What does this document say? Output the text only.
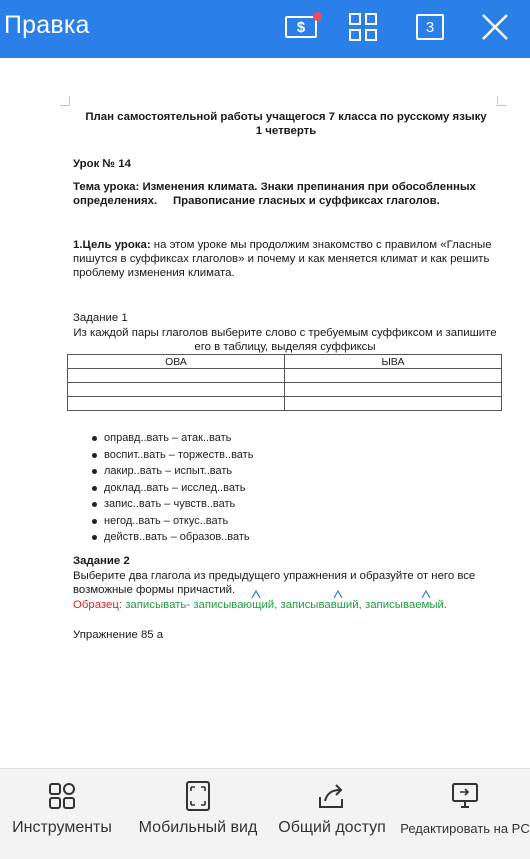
Правка	$	3
План самостоятельной работы учащегося 7 класса по русскому языку
1 четверть
Урок № 14
Тема урока: Изменения климата. Знаки препинания при обособленных определениях.     Правописание гласных и суффиксах глаголов.
1.Цель урока: на этом уроке мы продолжим знакомство с правилом «Гласные пишутся в суффиксах глаголов» и почему и как меняется климат и как решить проблему изменения климата.
Задание 1
Из каждой пары глаголов выберите слово с требуемым суффиксом и запишите его в таблицу, выделяя суффиксы
ОВА	ЫВА

оправд..вать – атак..вать
воспит..вать – торжеств..вать
лакир..вать – испыт..вать
доклад..вать – исслед..вать
запис..вать – чувств..вать
негод..вать – откус..вать
действ..вать – образов..вать
Задание 2
Выберите два глагола из предыдущего упражнения и образуйте от него все возможные формы причастий.
Образец: записывать- записывающий, записывавший, записываемый.
Упражнение 85 а
Инструменты	Мобильный вид	Общий доступ	Редактировать на PC
